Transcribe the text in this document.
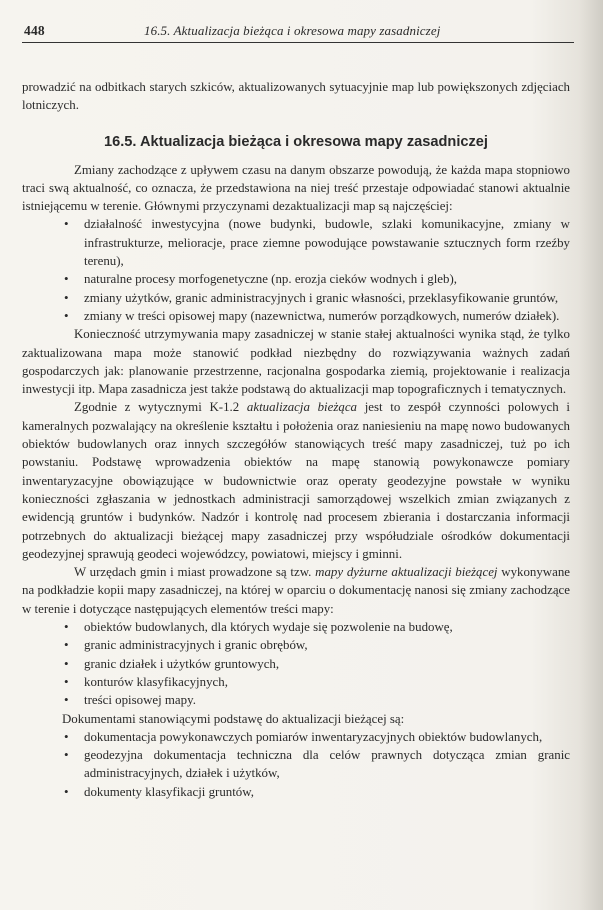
448	16.5. Aktualizacja bieżąca i okresowa mapy zasadniczej

prowadzić na odbitkach starych szkiców, aktualizowanych sytuacyjnie map lub powiększonych zdjęciach lotniczych.

16.5. Aktualizacja bieżąca i okresowa mapy zasadniczej

Zmiany zachodzące z upływem czasu na danym obszarze powodują, że każda mapa stopniowo traci swą aktualność, co oznacza, że przedstawiona na niej treść przestaje odpowiadać stanowi aktualnie istniejącemu w terenie. Głównymi przyczynami dezaktualizacji map są najczęściej:

• działalność inwestycyjna (nowe budynki, budowle, szlaki komunikacyjne, zmiany w infrastrukturze, melioracje, prace ziemne powodujące powstawanie sztucznych form rzeźby terenu),
• naturalne procesy morfogenetyczne (np. erozja cieków wodnych i gleb),
• zmiany użytków, granic administracyjnych i granic własności, przeklasyfikowanie gruntów,
• zmiany w treści opisowej mapy (nazewnictwa, numerów porządkowych, numerów działek).

Konieczność utrzymywania mapy zasadniczej w stanie stałej aktualności wynika stąd, że tylko zaktualizowana mapa może stanowić podkład niezbędny do rozwiązywania ważnych zadań gospodarczych jak: planowanie przestrzenne, racjonalna gospodarka ziemią, projektowanie i realizacja inwestycji itp. Mapa zasadnicza jest także podstawą do aktualizacji map topograficznych i tematycznych.

Zgodnie z wytycznymi K-1.2 aktualizacja bieżąca jest to zespół czynności polowych i kameralnych pozwalający na określenie kształtu i położenia oraz naniesieniu na mapę nowo budowanych obiektów budowlanych oraz innych szczegółów stanowiących treść mapy zasadniczej, tuż po ich powstaniu. Podstawę wprowadzenia obiektów na mapę stanowią powykonawcze pomiary inwentaryzacyjne obowiązujące w budownictwie oraz operaty geodezyjne powstałe w wyniku konieczności zgłaszania w jednostkach administracji samorządowej wszelkich zmian związanych z ewidencją gruntów i budynków. Nadzór i kontrolę nad procesem zbierania i dostarczania informacji potrzebnych do aktualizacji bieżącej mapy zasadniczej przy współudziale ośrodków dokumentacji geodezyjnej sprawują geodeci wojewódzcy, powiatowi, miejscy i gminni.

W urzędach gmin i miast prowadzone są tzw. mapy dyżurne aktualizacji bieżącej wykonywane na podkładzie kopii mapy zasadniczej, na której w oparciu o dokumentację nanosi się zmiany zachodzące w terenie i dotyczące następujących elementów treści mapy:

• obiektów budowlanych, dla których wydaje się pozwolenie na budowę,
• granic administracyjnych i granic obrębów,
• granic działek i użytków gruntowych,
• konturów klasyfikacyjnych,
• treści opisowej mapy.

Dokumentami stanowiącymi podstawę do aktualizacji bieżącej są:

• dokumentacja powykonawczych pomiarów inwentaryzacyjnych obiektów budowlanych,
• geodezyjna dokumentacja techniczna dla celów prawnych dotycząca zmian granic administracyjnych, działek i użytków,
• dokumenty klasyfikacji gruntów,
